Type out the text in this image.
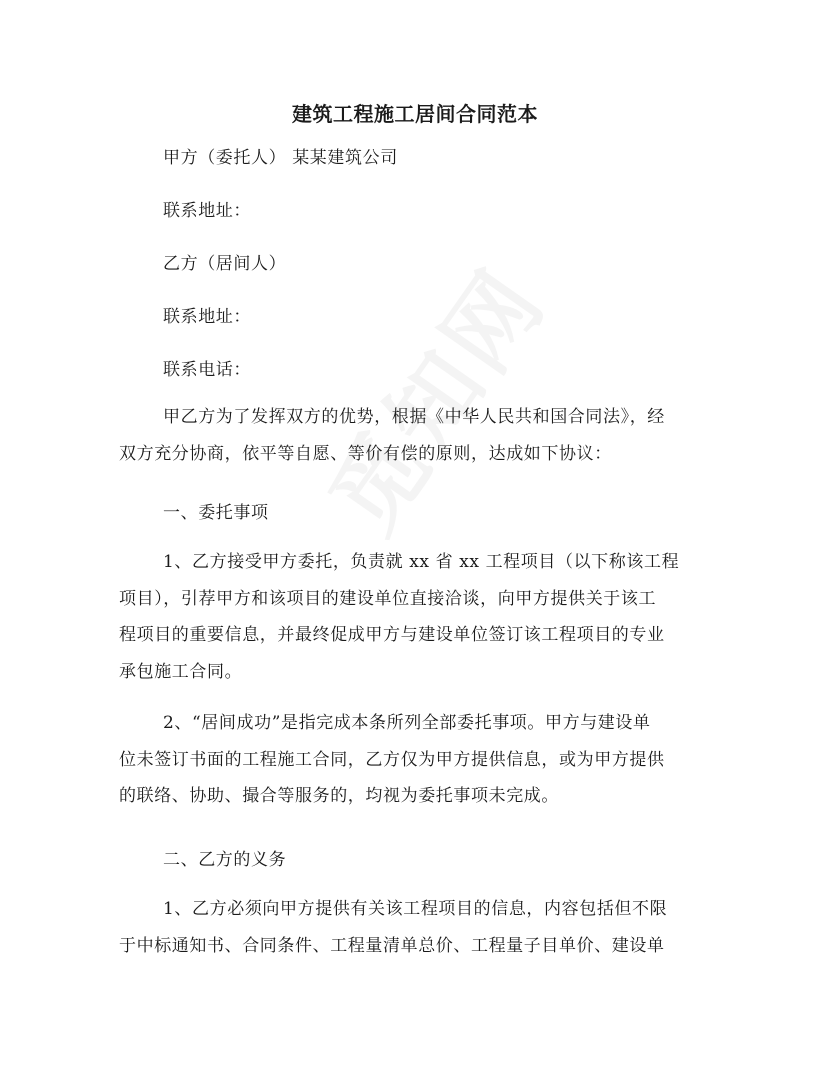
建筑工程施工居间合同范本
甲方（委托人） 某某建筑公司
联系地址：
乙方（居间人）
联系地址：
联系电话：
甲乙方为了发挥双方的优势，根据《中华人民共和国合同法》，经
双方充分协商，依平等自愿、等价有偿的原则，达成如下协议：
一、委托事项
1、乙方接受甲方委托，负责就 xx 省 xx 工程项目（以下称该工程
项目），引荐甲方和该项目的建设单位直接洽谈，向甲方提供关于该工
程项目的重要信息，并最终促成甲方与建设单位签订该工程项目的专业
承包施工合同。
2、“居间成功”是指完成本条所列全部委托事项。甲方与建设单
位未签订书面的工程施工合同，乙方仅为甲方提供信息，或为甲方提供
的联络、协助、撮合等服务的，均视为委托事项未完成。
二、乙方的义务
1、乙方必须向甲方提供有关该工程项目的信息，内容包括但不限
于中标通知书、合同条件、工程量清单总价、工程量子目单价、建设单
